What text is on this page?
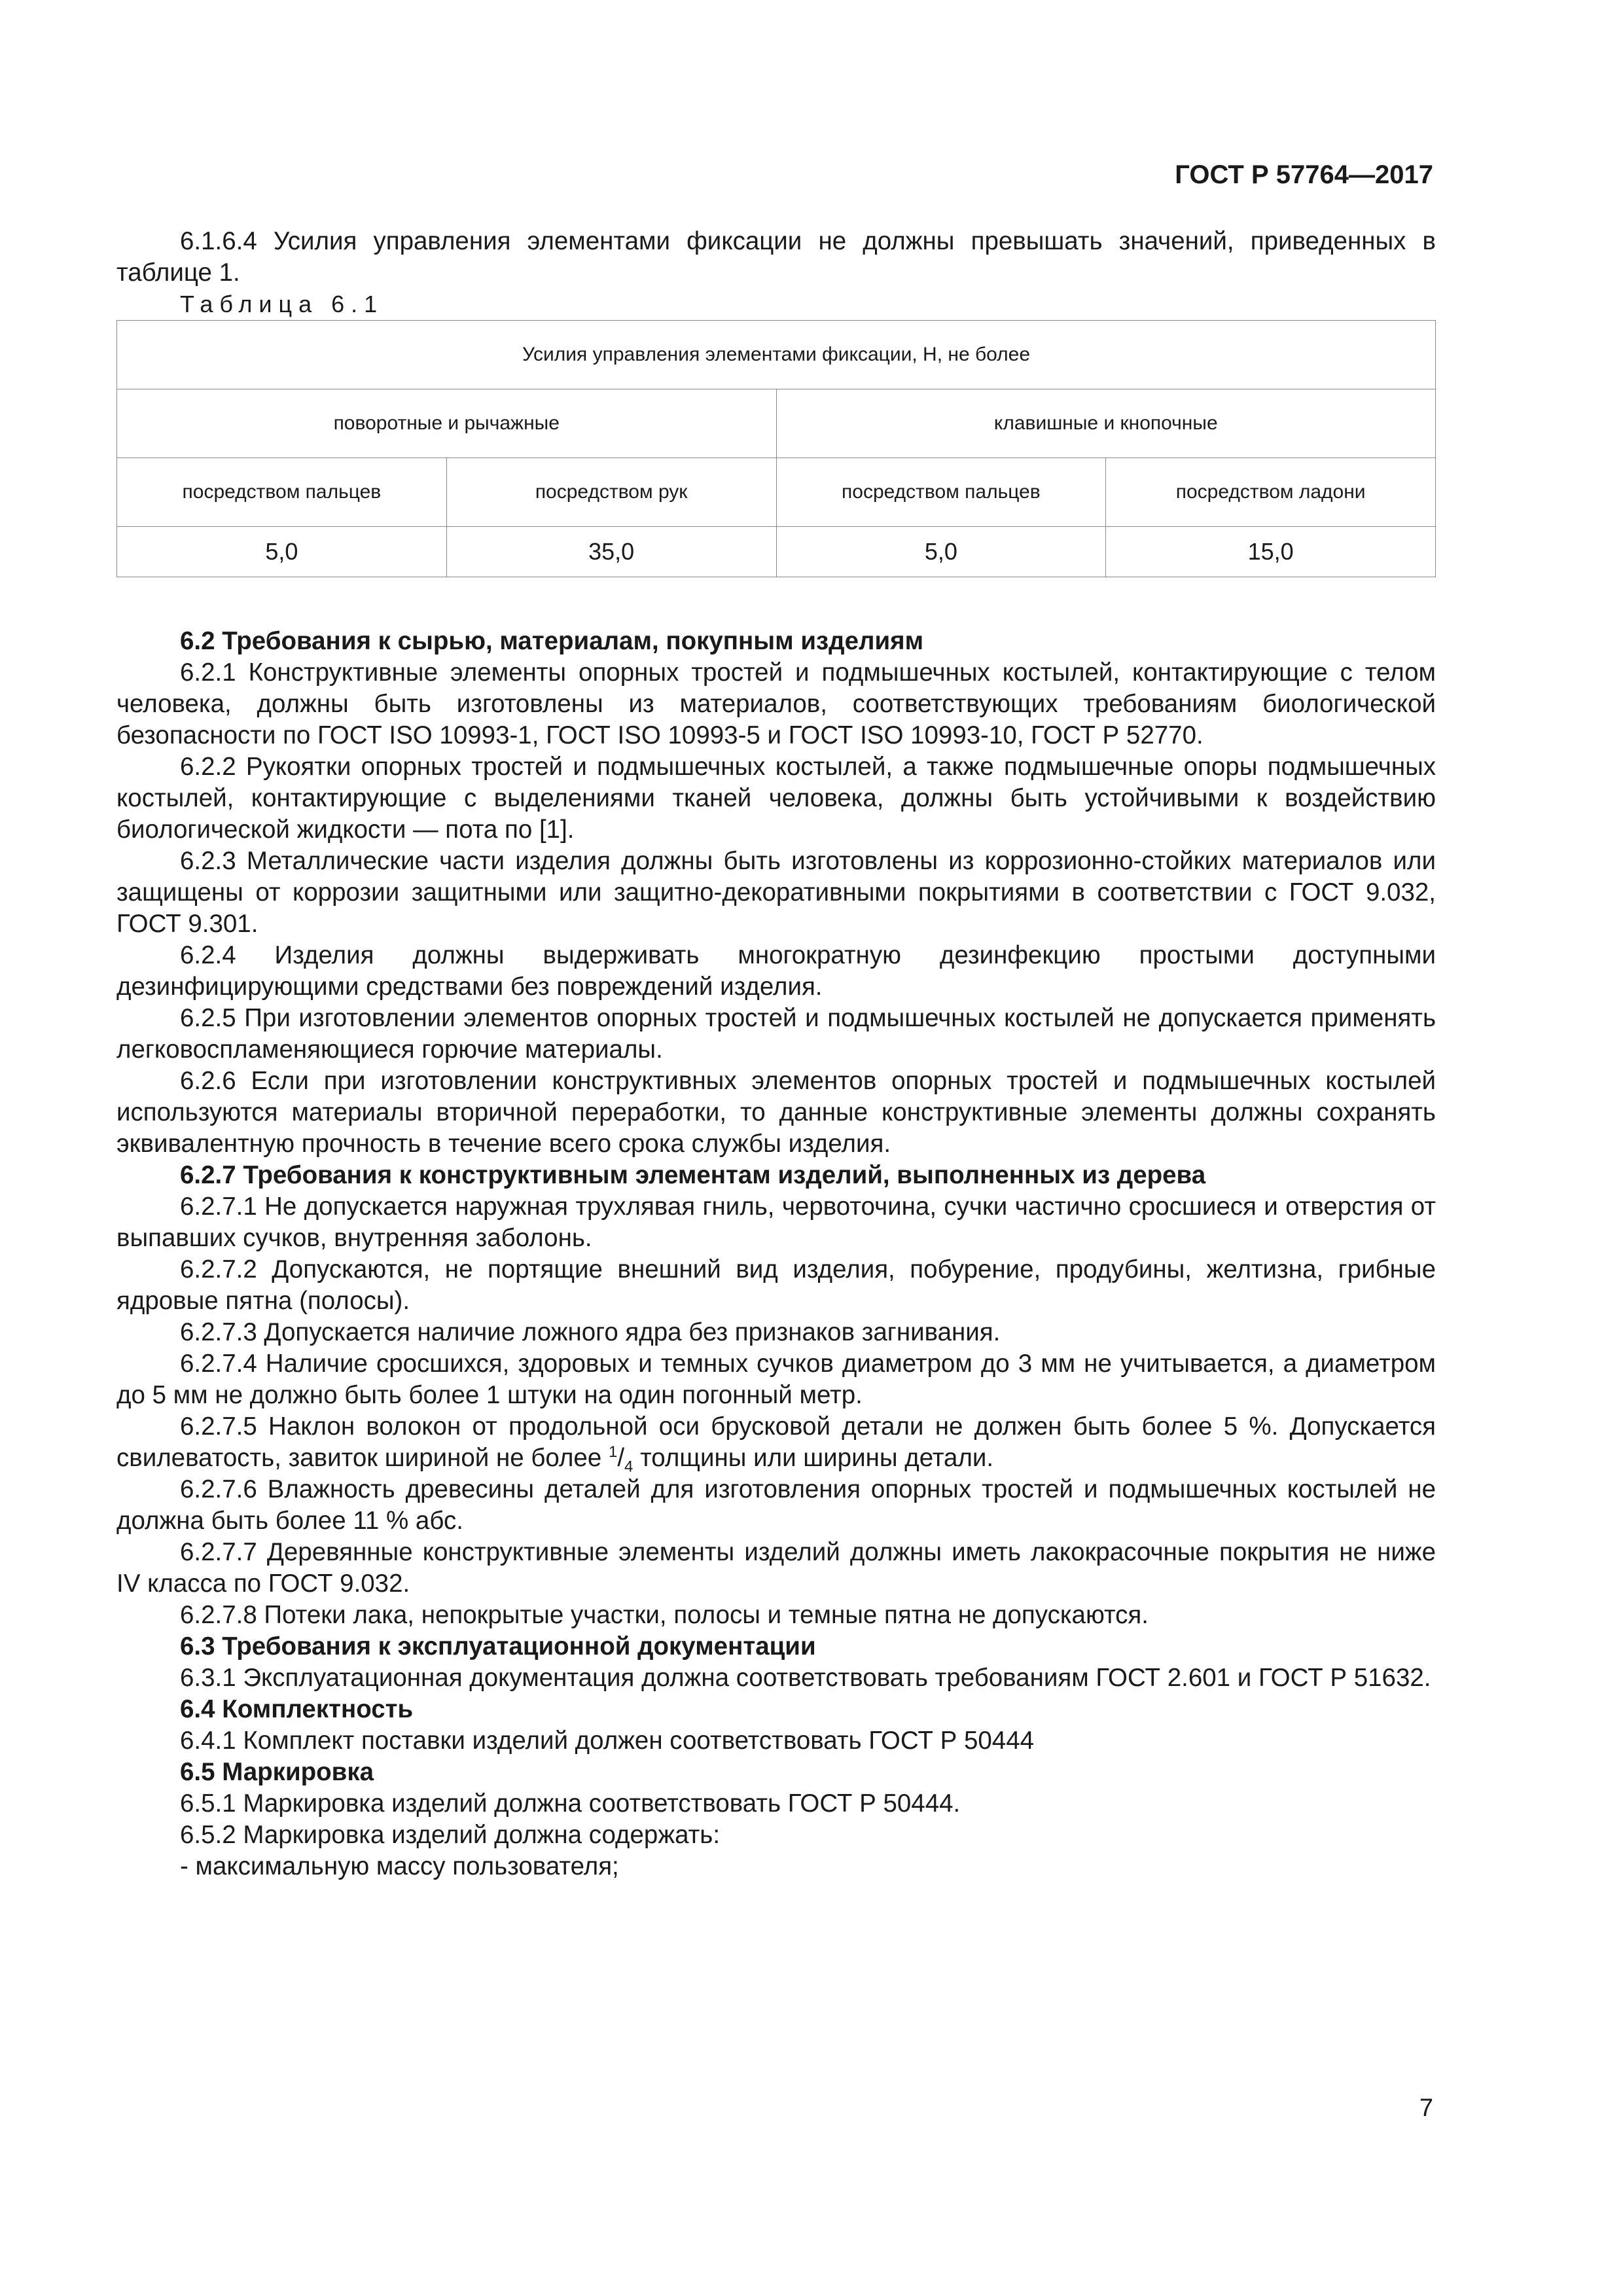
ГОСТ Р 57764—2017

6.1.6.4 Усилия управления элементами фиксации не должны превышать значений, приведенных в таблице 1.

Таблица 6.1

Усилия управления элементами фиксации, Н, не более			
поворотные и рычажные		клавишные и кнопочные	
посредством пальцев	посредством рук	посредством пальцев	посредством ладони
5,0	35,0	5,0	15,0
6.2 Требования к сырью, материалам, покупным изделиям

6.2.1 Конструктивные элементы опорных тростей и подмышечных костылей, контактирующие с телом человека, должны быть изготовлены из материалов, соответствующих требованиям биологической безопасности по ГОСТ ISO 10993-1, ГОСТ ISO 10993-5 и ГОСТ ISO 10993-10, ГОСТ Р 52770.

6.2.2 Рукоятки опорных тростей и подмышечных костылей, а также подмышечные опоры подмышечных костылей, контактирующие с выделениями тканей человека, должны быть устойчивыми к воздействию биологической жидкости — пота по [1].

6.2.3 Металлические части изделия должны быть изготовлены из коррозионно-стойких материалов или защищены от коррозии защитными или защитно-декоративными покрытиями в соответствии с ГОСТ 9.032, ГОСТ 9.301.

6.2.4 Изделия должны выдерживать многократную дезинфекцию простыми доступными дезинфицирующими средствами без повреждений изделия.

6.2.5 При изготовлении элементов опорных тростей и подмышечных костылей не допускается применять легковоспламеняющиеся горючие материалы.

6.2.6 Если при изготовлении конструктивных элементов опорных тростей и подмышечных костылей используются материалы вторичной переработки, то данные конструктивные элементы должны сохранять эквивалентную прочность в течение всего срока службы изделия.

6.2.7 Требования к конструктивным элементам изделий, выполненных из дерева

6.2.7.1 Не допускается наружная трухлявая гниль, червоточина, сучки частично сросшиеся и отверстия от выпавших сучков, внутренняя заболонь.

6.2.7.2 Допускаются, не портящие внешний вид изделия, побурение, продубины, желтизна, грибные ядровые пятна (полосы).

6.2.7.3 Допускается наличие ложного ядра без признаков загнивания.

6.2.7.4 Наличие сросшихся, здоровых и темных сучков диаметром до 3 мм не учитывается, а диаметром до 5 мм не должно быть более 1 штуки на один погонный метр.

6.2.7.5 Наклон волокон от продольной оси брусковой детали не должен быть более 5 %. Допускается свилеватость, завиток шириной не более $^1/_4$ толщины или ширины детали.

6.2.7.6 Влажность древесины деталей для изготовления опорных тростей и подмышечных костылей не должна быть более 11 % абс.

6.2.7.7 Деревянные конструктивные элементы изделий должны иметь лакокрасочные покрытия не ниже IV класса по ГОСТ 9.032.

6.2.7.8 Потеки лака, непокрытые участки, полосы и темные пятна не допускаются.

6.3 Требования к эксплуатационной документации

6.3.1 Эксплуатационная документация должна соответствовать требованиям ГОСТ 2.601 и ГОСТ Р 51632.

6.4 Комплектность

6.4.1 Комплект поставки изделий должен соответствовать ГОСТ Р 50444

6.5 Маркировка

6.5.1 Маркировка изделий должна соответствовать ГОСТ Р 50444.

6.5.2 Маркировка изделий должна содержать:

- максимальную массу пользователя;

7
